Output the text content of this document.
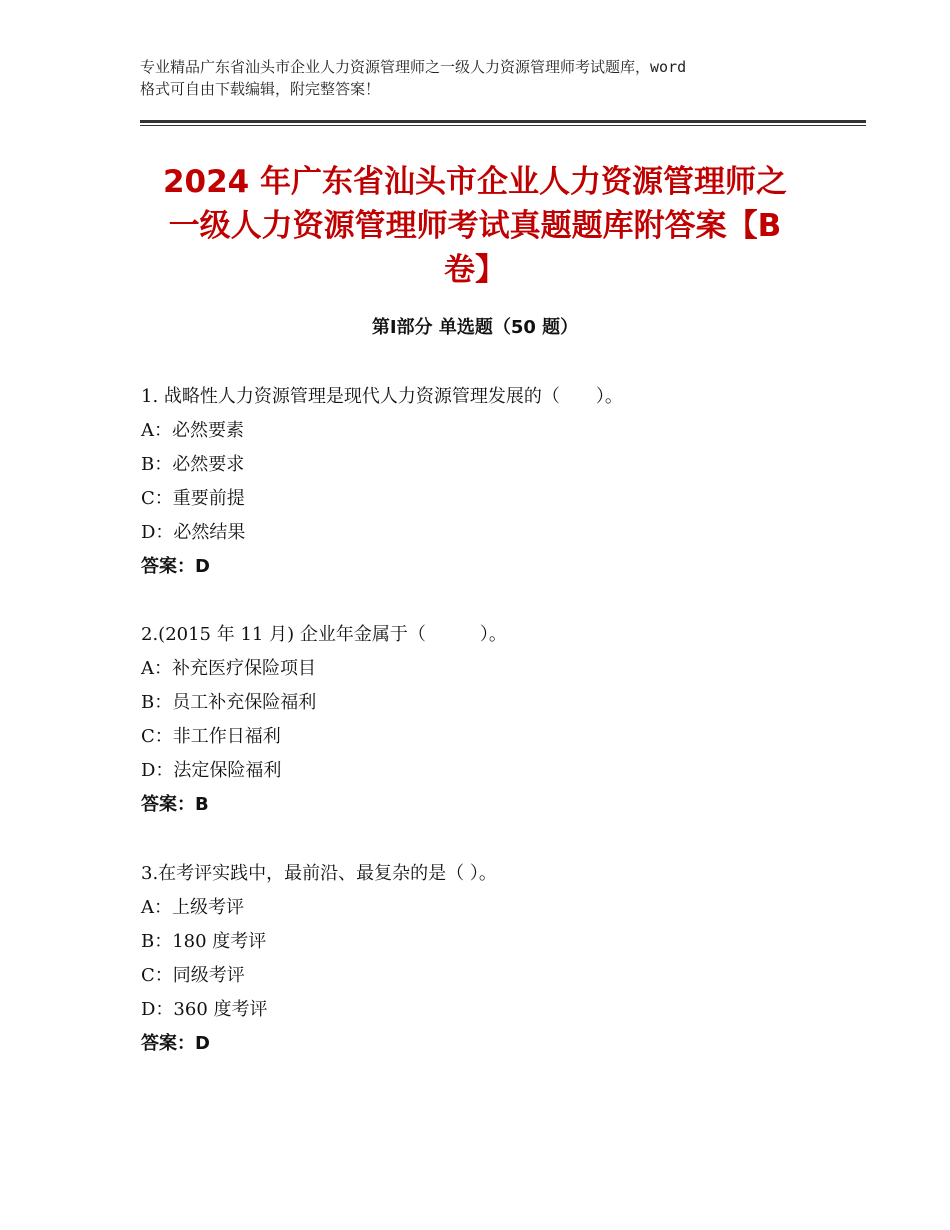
专业精品广东省汕头市企业人力资源管理师之一级人力资源管理师考试题库，word
格式可自由下载编辑，附完整答案！
2024 年广东省汕头市企业人力资源管理师之
一级人力资源管理师考试真题题库附答案【B
卷】
第Ⅰ部分 单选题（50 题）
1. 战略性人力资源管理是现代人力资源管理发展的（　　）。
A：必然要素
B：必然要求
C：重要前提
D：必然结果
答案：D
2.(2015 年 11 月) 企业年金属于（　　　）。
A：补充医疗保险项目
B：员工补充保险福利
C：非工作日福利
D：法定保险福利
答案：B
3.在考评实践中，最前沿、最复杂的是（ ）。
A：上级考评
B：180 度考评
C：同级考评
D：360 度考评
答案：D
